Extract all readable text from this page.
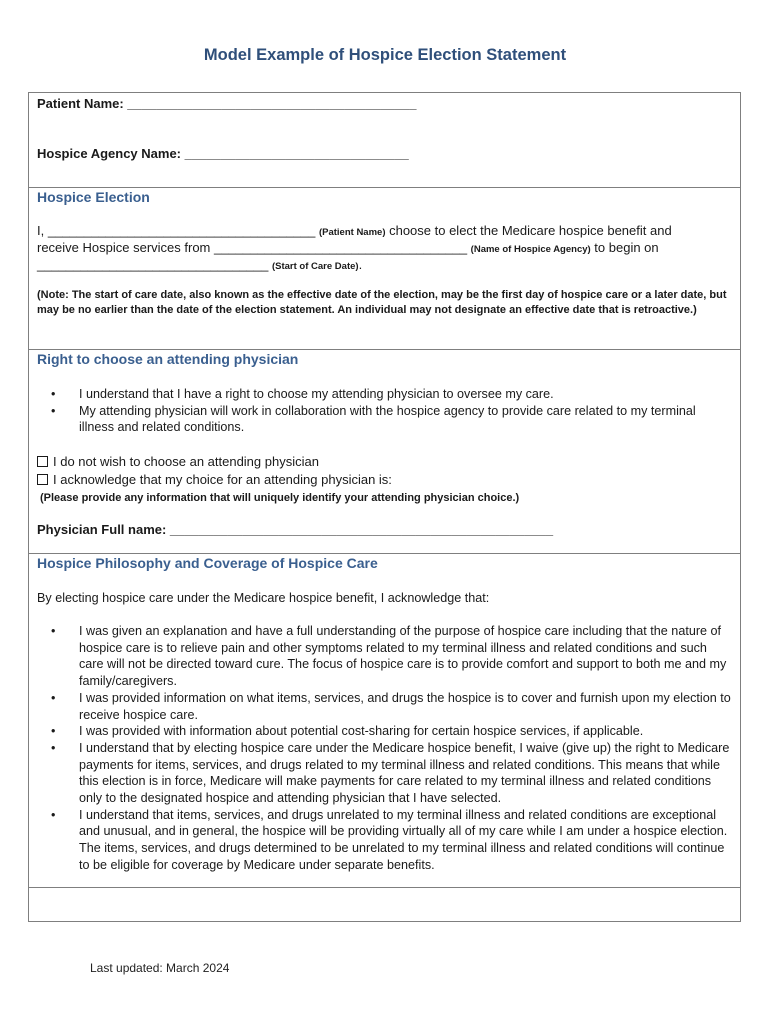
Model Example of Hospice Election Statement
Patient Name: ________________________________________
Hospice Agency Name: _______________________________
Hospice Election
I, _____________________________________ (Patient Name) choose to elect the Medicare hospice benefit and
receive Hospice services from ___________________________________ (Name of Hospice Agency) to begin on
________________________________ (Start of Care Date).
(Note: The start of care date, also known as the effective date of the election, may be the first day of hospice care or a later date, but may be no earlier than the date of the election statement. An individual may not designate an effective date that is retroactive.)
Right to choose an attending physician
• I understand that I have a right to choose my attending physician to oversee my care.
• My attending physician will work in collaboration with the hospice agency to provide care related to my terminal illness and related conditions.
I do not wish to choose an attending physician
I acknowledge that my choice for an attending physician is:
(Please provide any information that will uniquely identify your attending physician choice.)
Physician Full name: _____________________________________________________
Hospice Philosophy and Coverage of Hospice Care
By electing hospice care under the Medicare hospice benefit, I acknowledge that:
• I was given an explanation and have a full understanding of the purpose of hospice care including that the nature of hospice care is to relieve pain and other symptoms related to my terminal illness and related conditions and such care will not be directed toward cure. The focus of hospice care is to provide comfort and support to both me and my family/caregivers.
• I was provided information on what items, services, and drugs the hospice is to cover and furnish upon my election to receive hospice care.
• I was provided with information about potential cost-sharing for certain hospice services, if applicable.
• I understand that by electing hospice care under the Medicare hospice benefit, I waive (give up) the right to Medicare payments for items, services, and drugs related to my terminal illness and related conditions. This means that while this election is in force, Medicare will make payments for care related to my terminal illness and related conditions only to the designated hospice and attending physician that I have selected.
• I understand that items, services, and drugs unrelated to my terminal illness and related conditions are exceptional and unusual, and in general, the hospice will be providing virtually all of my care while I am under a hospice election. The items, services, and drugs determined to be unrelated to my terminal illness and related conditions will continue to be eligible for coverage by Medicare under separate benefits.
Last updated: March 2024
